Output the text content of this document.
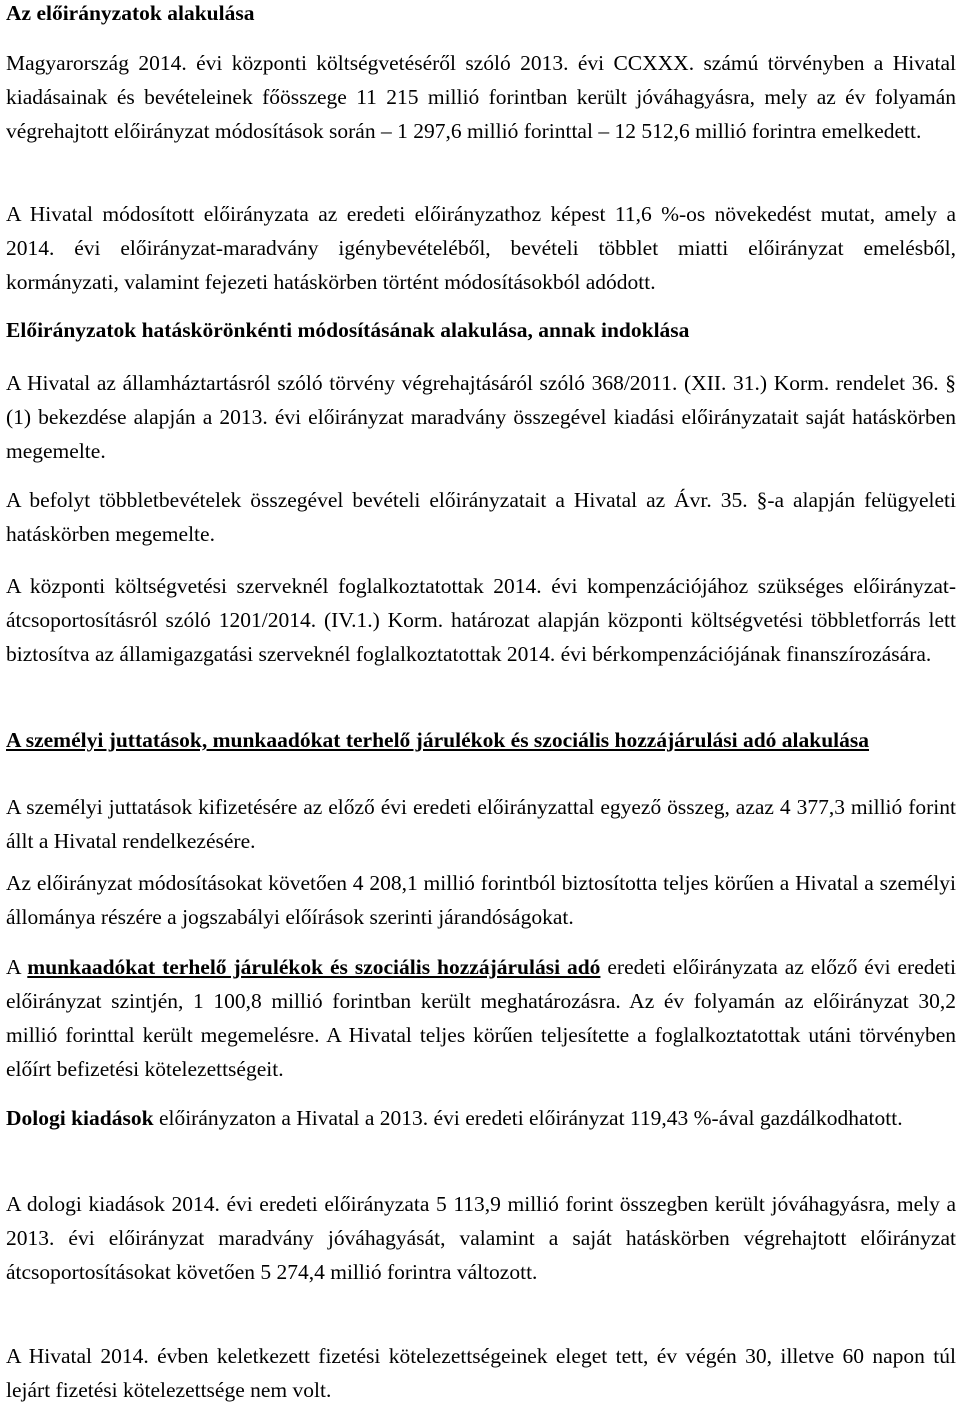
Az előirányzatok alakulása

Magyarország 2014. évi központi költségvetéséről szóló 2013. évi CCXXX. számú törvényben a Hivatal kiadásainak és bevételeinek főösszege 11 215 millió forintban került jóváhagyásra, mely az év folyamán végrehajtott előirányzat módosítások során – 1 297,6 millió forinttal – 12 512,6 millió forintra emelkedett.

A Hivatal módosított előirányzata az eredeti előirányzathoz képest 11,6 %-os növekedést mutat, amely a 2014. évi előirányzat-maradvány igénybevételéből, bevételi többlet miatti előirányzat emelésből, kormányzati, valamint fejezeti hatáskörben történt módosításokból adódott.

Előirányzatok hatáskörönkénti módosításának alakulása, annak indoklása

A Hivatal az államháztartásról szóló törvény végrehajtásáról szóló 368/2011. (XII. 31.) Korm. rendelet 36. § (1) bekezdése alapján a 2013. évi előirányzat maradvány összegével kiadási előirányzatait saját hatáskörben megemelte.

A befolyt többletbevételek összegével bevételi előirányzatait a Hivatal az Ávr. 35. §-a alapján felügyeleti hatáskörben megemelte.

A központi költségvetési szerveknél foglalkoztatottak 2014. évi kompenzációjához szükséges előirányzat-átcsoportosításról szóló 1201/2014. (IV.1.) Korm. határozat alapján központi költségvetési többletforrás lett biztosítva az államigazgatási szerveknél foglalkoztatottak 2014. évi bérkompenzációjának finanszírozására.

A személyi juttatások, munkaadókat terhelő járulékok és szociális hozzájárulási adó alakulása

A személyi juttatások kifizetésére az előző évi eredeti előirányzattal egyező összeg, azaz 4 377,3 millió forint állt a Hivatal rendelkezésére.

Az előirányzat módosításokat követően 4 208,1 millió forintból biztosította teljes körűen a Hivatal a személyi állománya részére a jogszabályi előírások szerinti járandóságokat.

A munkaadókat terhelő járulékok és szociális hozzájárulási adó eredeti előirányzata az előző évi eredeti előirányzat szintjén, 1 100,8 millió forintban került meghatározásra. Az év folyamán az előirányzat 30,2 millió forinttal került megemelésre. A Hivatal teljes körűen teljesítette a foglalkoztatottak utáni törvényben előírt befizetési kötelezettségeit.

Dologi kiadások előirányzaton a Hivatal a 2013. évi eredeti előirányzat 119,43 %-ával gazdálkodhatott.

A dologi kiadások 2014. évi eredeti előirányzata 5 113,9 millió forint összegben került jóváhagyásra, mely a 2013. évi előirányzat maradvány jóváhagyását, valamint a saját hatáskörben végrehajtott előirányzat átcsoportosításokat követően 5 274,4 millió forintra változott.

A Hivatal 2014. évben keletkezett fizetési kötelezettségeinek eleget tett, év végén 30, illetve 60 napon túl lejárt fizetési kötelezettsége nem volt.
